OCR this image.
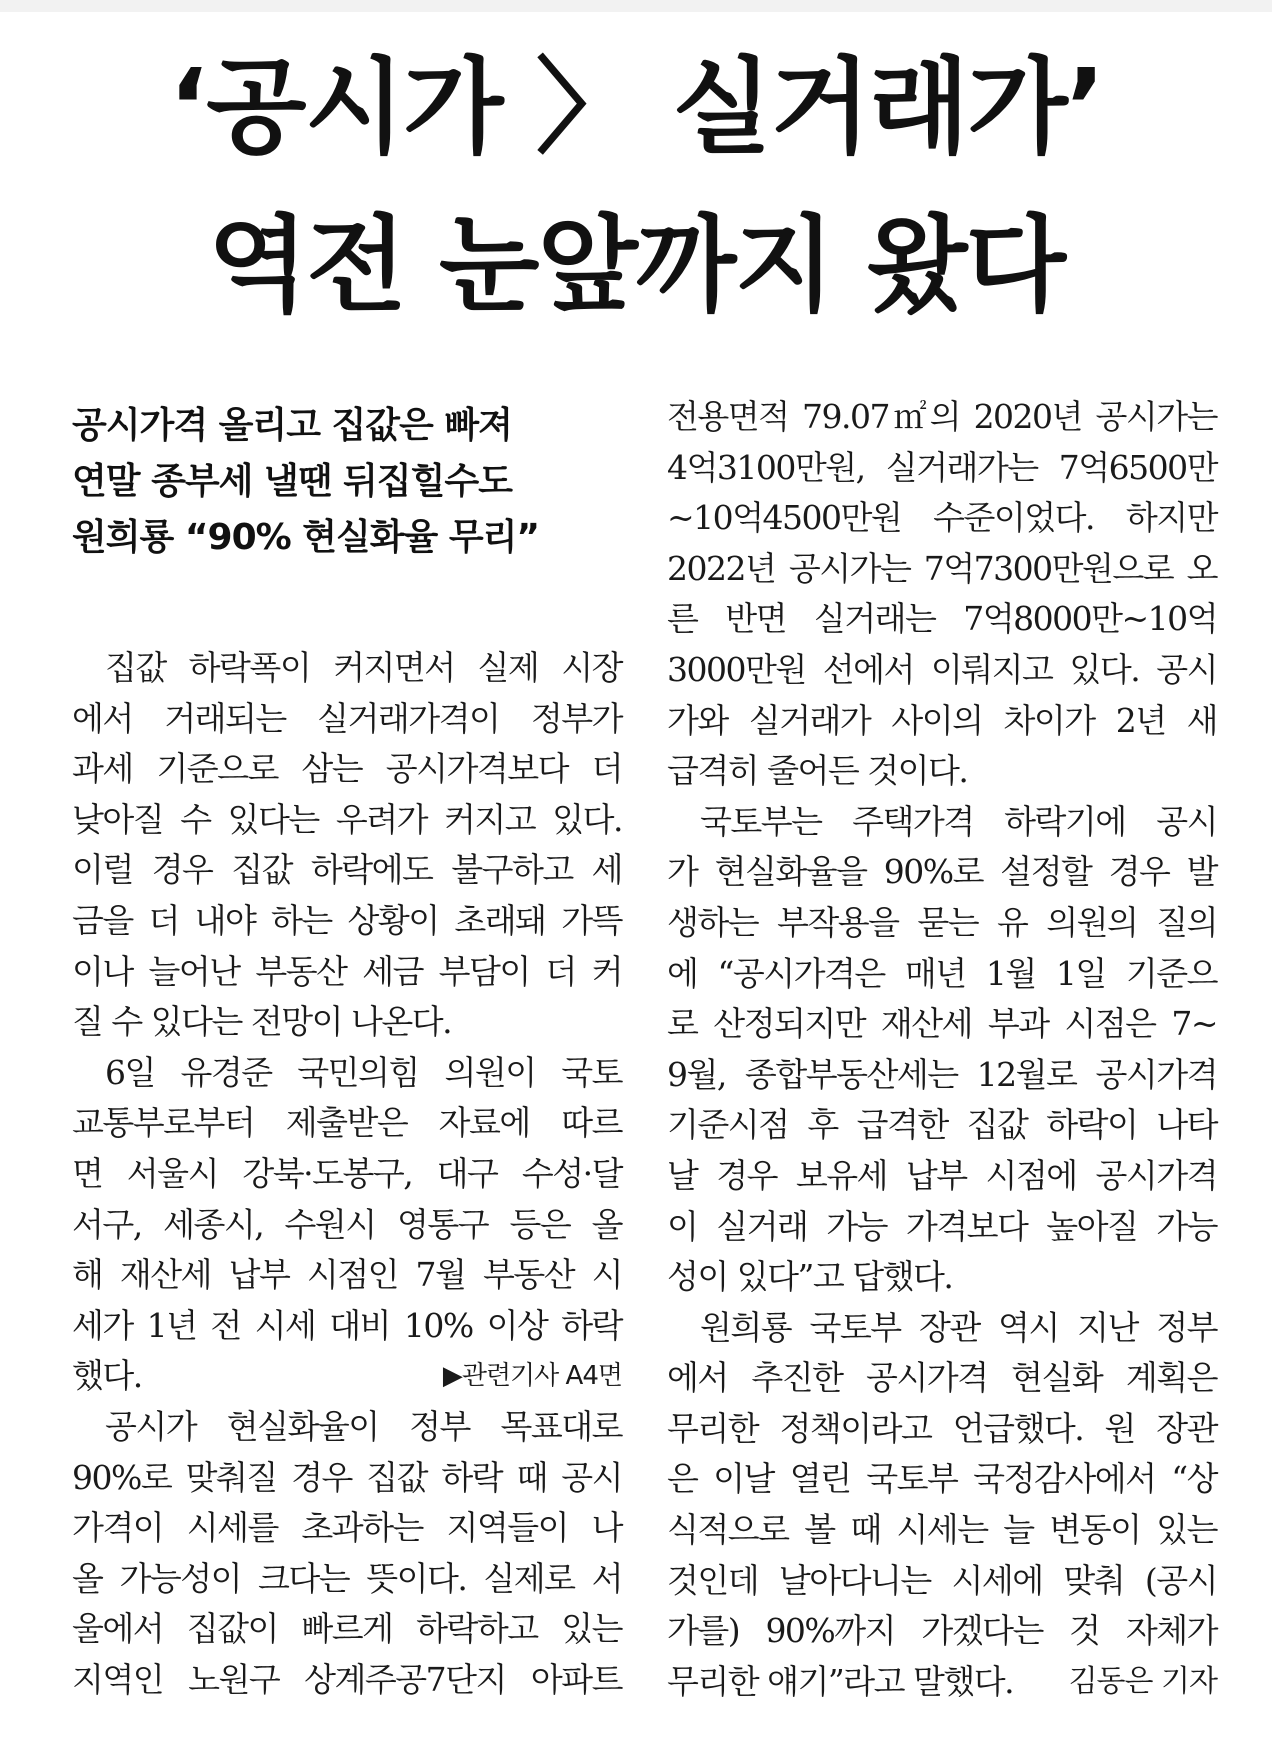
‘공시가 〉 실거래가’
역전 눈앞까지 왔다
공시가격 올리고 집값은 빠져
연말 종부세 낼땐 뒤집힐수도
원희룡 “90% 현실화율 무리”
집값 하락폭이 커지면서 실제 시장
에서 거래되는 실거래가격이 정부가
과세 기준으로 삼는 공시가격보다 더
낮아질 수 있다는 우려가 커지고 있다.
이럴 경우 집값 하락에도 불구하고 세
금을 더 내야 하는 상황이 초래돼 가뜩
이나 늘어난 부동산 세금 부담이 더 커
질 수 있다는 전망이 나온다.
6일 유경준 국민의힘 의원이 국토
교통부로부터 제출받은 자료에 따르
면 서울시 강북·도봉구, 대구 수성·달
서구, 세종시, 수원시 영통구 등은 올
해 재산세 납부 시점인 7월 부동산 시
세가 1년 전 시세 대비 10% 이상 하락
했다.	▶관련기사 A4면
공시가 현실화율이 정부 목표대로
90%로 맞춰질 경우 집값 하락 때 공시
가격이 시세를 초과하는 지역들이 나
올 가능성이 크다는 뜻이다. 실제로 서
울에서 집값이 빠르게 하락하고 있는
지역인 노원구 상계주공7단지 아파트
전용면적 79.07㎡의 2020년 공시가는
4억3100만원, 실거래가는 7억6500만
~10억4500만원 수준이었다. 하지만
2022년 공시가는 7억7300만원으로 오
른 반면 실거래는 7억8000만~10억
3000만원 선에서 이뤄지고 있다. 공시
가와 실거래가 사이의 차이가 2년 새
급격히 줄어든 것이다.
국토부는 주택가격 하락기에 공시
가 현실화율을 90%로 설정할 경우 발
생하는 부작용을 묻는 유 의원의 질의
에 “공시가격은 매년 1월 1일 기준으
로 산정되지만 재산세 부과 시점은 7~
9월, 종합부동산세는 12월로 공시가격
기준시점 후 급격한 집값 하락이 나타
날 경우 보유세 납부 시점에 공시가격
이 실거래 가능 가격보다 높아질 가능
성이 있다”고 답했다.
원희룡 국토부 장관 역시 지난 정부
에서 추진한 공시가격 현실화 계획은
무리한 정책이라고 언급했다. 원 장관
은 이날 열린 국토부 국정감사에서 “상
식적으로 볼 때 시세는 늘 변동이 있는
것인데 날아다니는 시세에 맞춰 (공시
가를) 90%까지 가겠다는 것 자체가
무리한 얘기”라고 말했다. 김동은 기자
